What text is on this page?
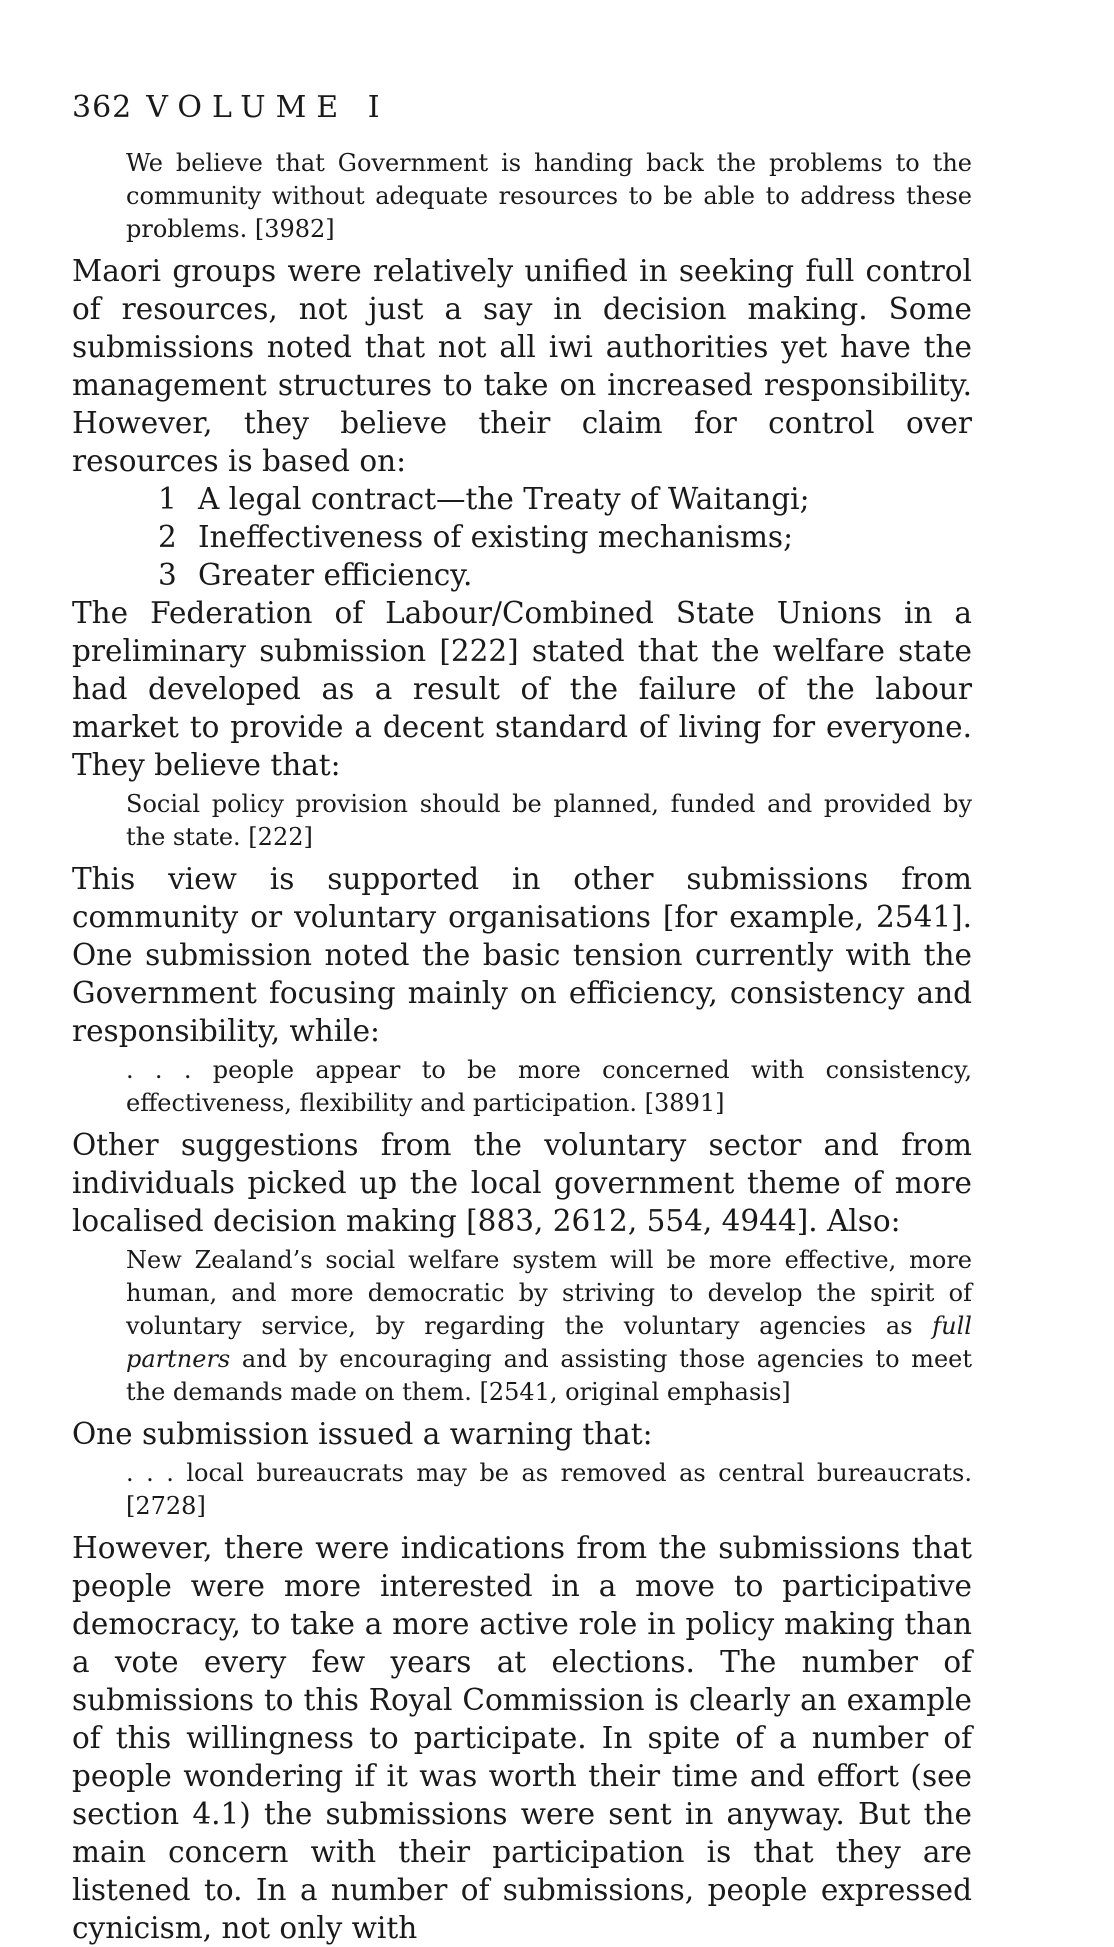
362 VOLUME I

We believe that Government is handing back the problems to the community without adequate resources to be able to address these problems. [3982]

Maori groups were relatively unified in seeking full control of resources, not just a say in decision making. Some submissions noted that not all iwi authorities yet have the management structures to take on increased responsibility. However, they believe their claim for control over resources is based on:

1 A legal contract—the Treaty of Waitangi;
2 Ineffectiveness of existing mechanisms;
3 Greater efficiency.

The Federation of Labour/Combined State Unions in a preliminary submission [222] stated that the welfare state had developed as a result of the failure of the labour market to provide a decent standard of living for everyone. They believe that:

Social policy provision should be planned, funded and provided by the state. [222]

This view is supported in other submissions from community or voluntary organisations [for example, 2541]. One submission noted the basic tension currently with the Government focusing mainly on efficiency, consistency and responsibility, while:

. . . people appear to be more concerned with consistency, effectiveness, flexibility and participation. [3891]

Other suggestions from the voluntary sector and from individuals picked up the local government theme of more localised decision making [883, 2612, 554, 4944]. Also:

New Zealand’s social welfare system will be more effective, more human, and more democratic by striving to develop the spirit of voluntary service, by regarding the voluntary agencies as full partners and by encouraging and assisting those agencies to meet the demands made on them. [2541, original emphasis]

One submission issued a warning that:

. . . local bureaucrats may be as removed as central bureaucrats. [2728]

However, there were indications from the submissions that people were more interested in a move to participative democracy, to take a more active role in policy making than a vote every few years at elections. The number of submissions to this Royal Commission is clearly an example of this willingness to participate. In spite of a number of people wondering if it was worth their time and effort (see section 4.1) the submissions were sent in anyway. But the main concern with their participation is that they are listened to. In a number of submissions, people expressed cynicism, not only with
